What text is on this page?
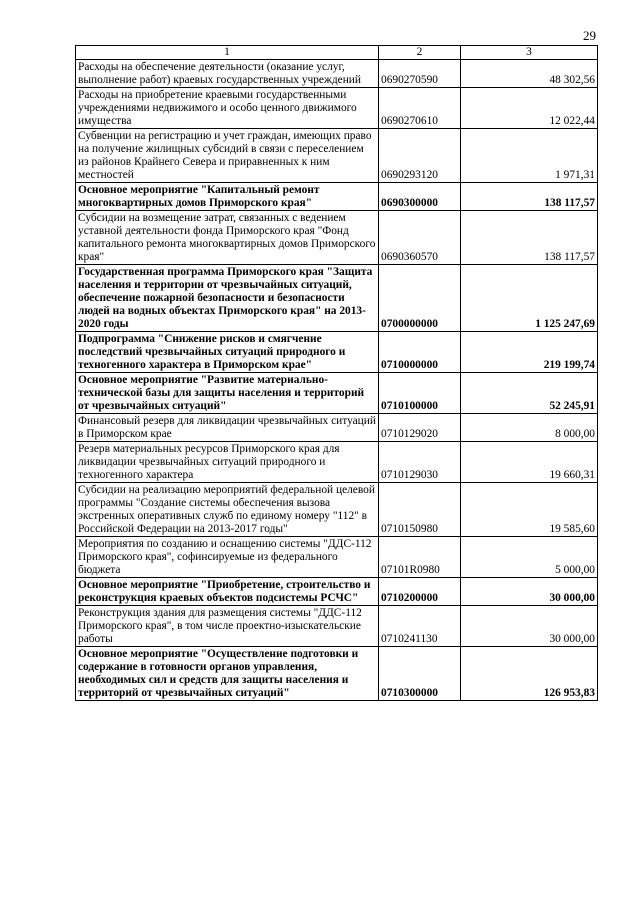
29
1	2	3
Расходы на обеспечение деятельности (оказание услуг, выполнение работ) краевых государственных учреждений	0690270590	48 302,56
Расходы на приобретение краевыми государственными учреждениями недвижимого и особо ценного движимого имущества	0690270610	12 022,44
Субвенции на регистрацию и учет граждан, имеющих право на получение жилищных субсидий в связи с переселением из районов Крайнего Севера и приравненных к ним местностей	0690293120	1 971,31
Основное мероприятие "Капитальный ремонт многоквартирных домов Приморского края"	0690300000	138 117,57
Субсидии на возмещение затрат, связанных с ведением уставной деятельности фонда Приморского края "Фонд капитального ремонта многоквартирных домов Приморского края"	0690360570	138 117,57
Государственная программа Приморского края "Защита населения и территории от чрезвычайных ситуаций, обеспечение пожарной безопасности и безопасности людей на водных объектах Приморского края" на 2013-2020 годы	0700000000	1 125 247,69
Подпрограмма "Снижение рисков и смягчение последствий чрезвычайных ситуаций природного и техногенного характера в Приморском крае"	0710000000	219 199,74
Основное мероприятие "Развитие материально-технической базы для защиты населения и территорий от чрезвычайных ситуаций"	0710100000	52 245,91
Финансовый резерв для ликвидации чрезвычайных ситуаций в Приморском крае	0710129020	8 000,00
Резерв материальных ресурсов Приморского края для ликвидации чрезвычайных ситуаций природного и техногенного характера	0710129030	19 660,31
Субсидии на реализацию мероприятий федеральной целевой программы "Создание системы обеспечения вызова экстренных оперативных служб по единому номеру "112" в Российской Федерации на 2013-2017 годы"	0710150980	19 585,60
Мероприятия по созданию и оснащению системы "ДДС-112 Приморского края", софинсируемые из федерального бюджета	07101R0980	5 000,00
Основное мероприятие "Приобретение, строительство и реконструкция краевых объектов подсистемы РСЧС"	0710200000	30 000,00
Реконструкция здания для размещения системы "ДДС-112 Приморского края", в том числе проектно-изыскательские работы	0710241130	30 000,00
Основное мероприятие "Осуществление подготовки и содержание в готовности органов управления, необходимых сил и средств для защиты населения и территорий от чрезвычайных ситуаций"	0710300000	126 953,83
